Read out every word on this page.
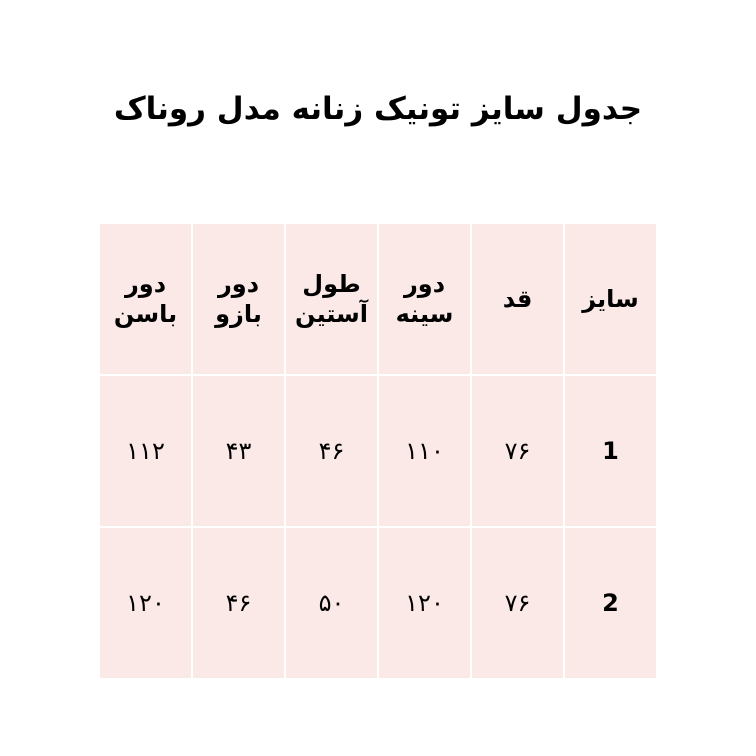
جدول سایز تونیک زنانه مدل روناک
سایز	قد	دور سینه	طول آستین	دور بازو	دور باسن
1	۷۶	۱۱۰	۴۶	۴۳	۱۱۲
2	۷۶	۱۲۰	۵۰	۴۶	۱۲۰
